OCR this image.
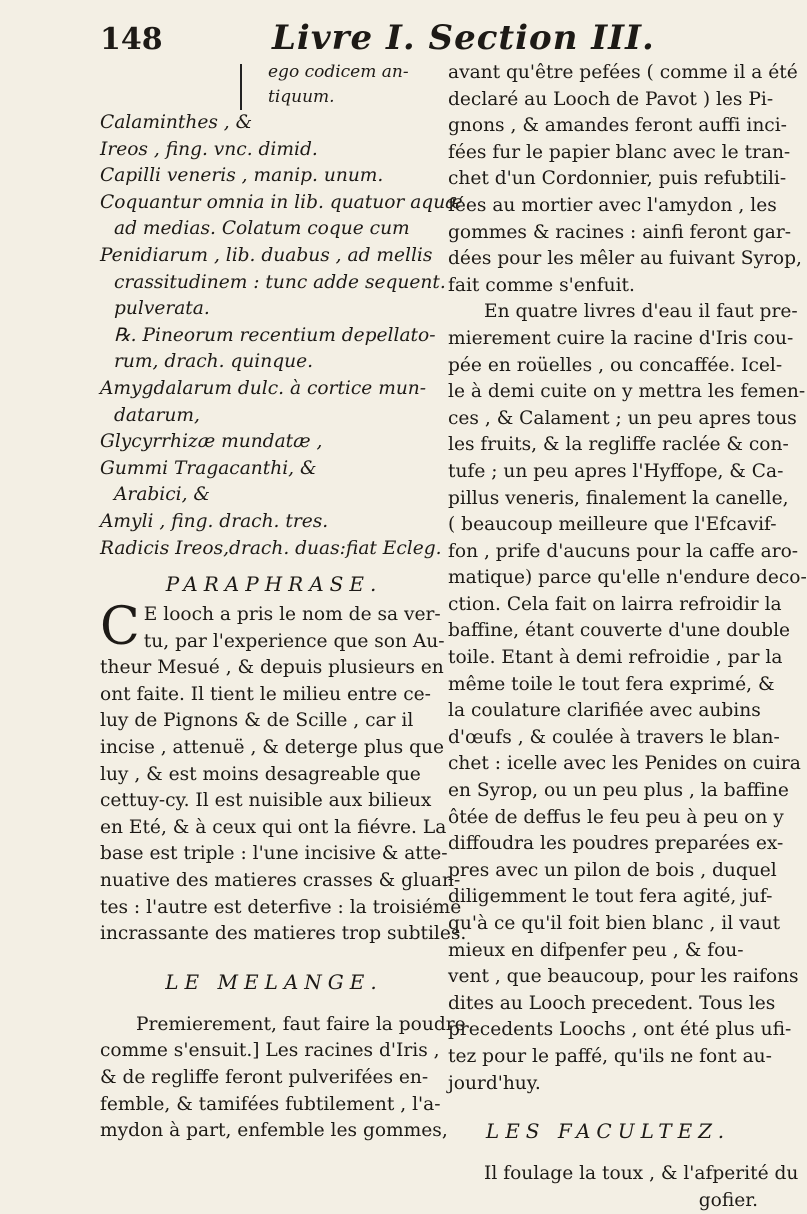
148	Livre I. Section III.
ego codicem an-
tiquum.
Calaminthes , &
Ireos , fing. vnc. dimid.
Capilli veneris , manip. unum.
Coquantur omnia in lib. quatuor aquæ
ad medias. Colatum coque cum
Penidiarum , lib. duabus , ad mellis
crassitudinem : tunc adde sequent.
pulverata.
℞. Pineorum recentium depellato-
rum, drach. quinque.
Amygdalarum dulc. à cortice mun-
datarum,
Glycyrrhizæ mundatæ ,
Gummi Tragacanthi, &
Arabici, &
Amyli , fing. drach. tres.
Radicis Ireos,drach. duas:fiat Ecleg.
PARAPHRASE.
C E looch a pris le nom de sa ver-
tu, par l'experience que son Au-
theur Mesué , & depuis plusieurs en
ont faite. Il tient le milieu entre ce-
luy de Pignons & de Scille , car il
incise , attenuë , & deterge plus que
luy , & est moins desagreable que
cettuy-cy. Il est nuisible aux bilieux
en Eté, & à ceux qui ont la fiévre. La
base est triple : l'une incisive & atte-
nuative des matieres crasses & gluan-
tes : l'autre est deterfive : la troisiéme
incrassante des matieres trop subtiles.
LE MELANGE.
Premierement, faut faire la poudre
comme s'ensuit.] Les racines d'Iris ,
& de regliffe feront pulverifées en-
femble, & tamifées fubtilement , l'a-
mydon à part, enfemble les gommes,
avant qu'être pefées ( comme il a été
declaré au Looch de Pavot ) les Pi-
gnons , & amandes feront auffi inci-
fées fur le papier blanc avec le tran-
chet d'un Cordonnier, puis refubtili-
fées au mortier avec l'amydon , les
gommes & racines : ainfi feront gar-
dées pour les mêler au fuivant Syrop,
fait comme s'enfuit.
En quatre livres d'eau il faut pre-
mierement cuire la racine d'Iris cou-
pée en roüelles , ou concaffée. Icel-
le à demi cuite on y mettra les femen-
ces , & Calament ; un peu apres tous
les fruits, & la regliffe raclée & con-
tufe ; un peu apres l'Hyffope, & Ca-
pillus veneris, finalement la canelle,
( beaucoup meilleure que l'Efcavif-
fon , prife d'aucuns pour la caffe aro-
matique) parce qu'elle n'endure deco-
ction. Cela fait on lairra refroidir la
baffine, étant couverte d'une double
toile. Etant à demi refroidie , par la
même toile le tout fera exprimé, &
la coulature clarifiée avec aubins
d'œufs , & coulée à travers le blan-
chet : icelle avec les Penides on cuira
en Syrop, ou un peu plus , la baffine
ôtée de deffus le feu peu à peu on y
diffoudra les poudres preparées ex-
pres avec un pilon de bois , duquel
diligemment le tout fera agité, juf-
qu'à ce qu'il foit bien blanc , il vaut
mieux en difpenfer peu , & fou-
vent , que beaucoup, pour les raifons
dites au Looch precedent. Tous les
precedents Loochs , ont été plus ufi-
tez pour le paffé, qu'ils ne font au-
jourd'huy.
LES FACULTEZ.
Il foulage la toux , & l'afperité du
gofier.
